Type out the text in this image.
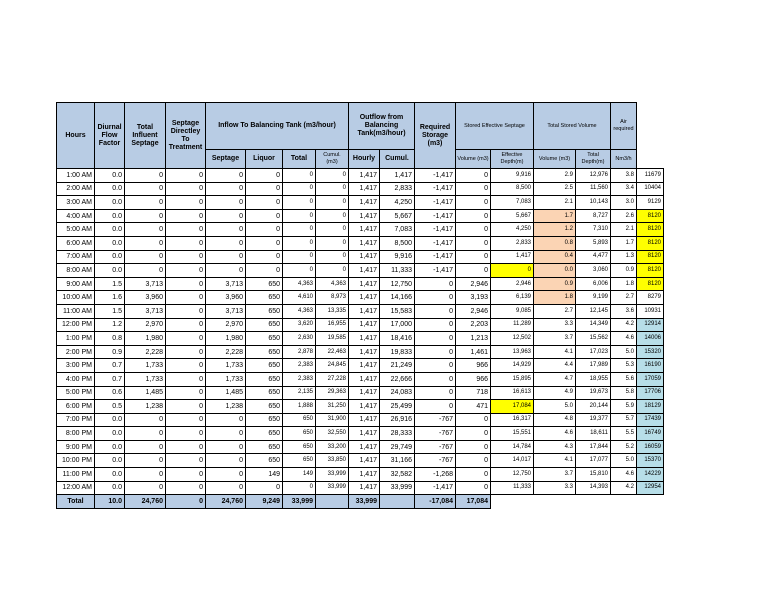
Hours	Diurnal Flow Factor	Total Influent Septage	Septage Directley To Treatment	Inflow To Balancing Tank (m3/hour)				Outflow from Balancing Tank(m3/hour)		Required Storage (m3)	Stored Effective Septage		Total Stored Volume		Air required	
				Septage	Liquor	Total	Cumul. (m3)	Hourly	Cumul.		Volume (m3)	Effective Depth(m)	Volume (m3)	Total Depth(m)	Nm3/h	
1:00 AM	0.0	0	0	0	0	0	0	1,417	1,417	-1,417	0	9,916	2.9	12,976	3.8	11679
2:00 AM	0.0	0	0	0	0	0	0	1,417	2,833	-1,417	0	8,500	2.5	11,560	3.4	10404
3:00 AM	0.0	0	0	0	0	0	0	1,417	4,250	-1,417	0	7,083	2.1	10,143	3.0	9129
4:00 AM	0.0	0	0	0	0	0	0	1,417	5,667	-1,417	0	5,667	1.7	8,727	2.6	8120
5:00 AM	0.0	0	0	0	0	0	0	1,417	7,083	-1,417	0	4,250	1.2	7,310	2.1	8120
6:00 AM	0.0	0	0	0	0	0	0	1,417	8,500	-1,417	0	2,833	0.8	5,893	1.7	8120
7:00 AM	0.0	0	0	0	0	0	0	1,417	9,916	-1,417	0	1,417	0.4	4,477	1.3	8120
8:00 AM	0.0	0	0	0	0	0	0	1,417	11,333	-1,417	0	0	0.0	3,060	0.9	8120
9:00 AM	1.5	3,713	0	3,713	650	4,363	4,363	1,417	12,750	0	2,946	2,946	0.9	6,006	1.8	8120
10:00 AM	1.6	3,960	0	3,960	650	4,610	8,973	1,417	14,166	0	3,193	6,139	1.8	9,199	2.7	8279
11:00 AM	1.5	3,713	0	3,713	650	4,363	13,335	1,417	15,583	0	2,946	9,085	2.7	12,145	3.6	10931
12:00 PM	1.2	2,970	0	2,970	650	3,620	16,955	1,417	17,000	0	2,203	11,289	3.3	14,349	4.2	12914
1:00 PM	0.8	1,980	0	1,980	650	2,630	19,585	1,417	18,416	0	1,213	12,502	3.7	15,562	4.6	14006
2:00 PM	0.9	2,228	0	2,228	650	2,878	22,463	1,417	19,833	0	1,461	13,963	4.1	17,023	5.0	15320
3:00 PM	0.7	1,733	0	1,733	650	2,383	24,845	1,417	21,249	0	966	14,929	4.4	17,989	5.3	16190
4:00 PM	0.7	1,733	0	1,733	650	2,383	27,228	1,417	22,666	0	966	15,895	4.7	18,955	5.6	17059
5:00 PM	0.6	1,485	0	1,485	650	2,135	29,363	1,417	24,083	0	718	16,613	4.9	19,673	5.8	17706
6:00 PM	0.5	1,238	0	1,238	650	1,888	31,250	1,417	25,499	0	471	17,084	5.0	20,144	5.9	18129
7:00 PM	0.0	0	0	0	650	650	31,900	1,417	26,916	-767	0	16,317	4.8	19,377	5.7	17439
8:00 PM	0.0	0	0	0	650	650	32,550	1,417	28,333	-767	0	15,551	4.6	18,611	5.5	16749
9:00 PM	0.0	0	0	0	650	650	33,200	1,417	29,749	-767	0	14,784	4.3	17,844	5.2	16059
10:00 PM	0.0	0	0	0	650	650	33,850	1,417	31,166	-767	0	14,017	4.1	17,077	5.0	15370
11:00 PM	0.0	0	0	0	149	149	33,999	1,417	32,582	-1,268	0	12,750	3.7	15,810	4.6	14229
12:00 AM	0.0	0	0	0	0	0	33,999	1,417	33,999	-1,417	0	11,333	3.3	14,393	4.2	12954
Total	10.0	24,760	0	24,760	9,249	33,999		33,999		-17,084	17,084					
